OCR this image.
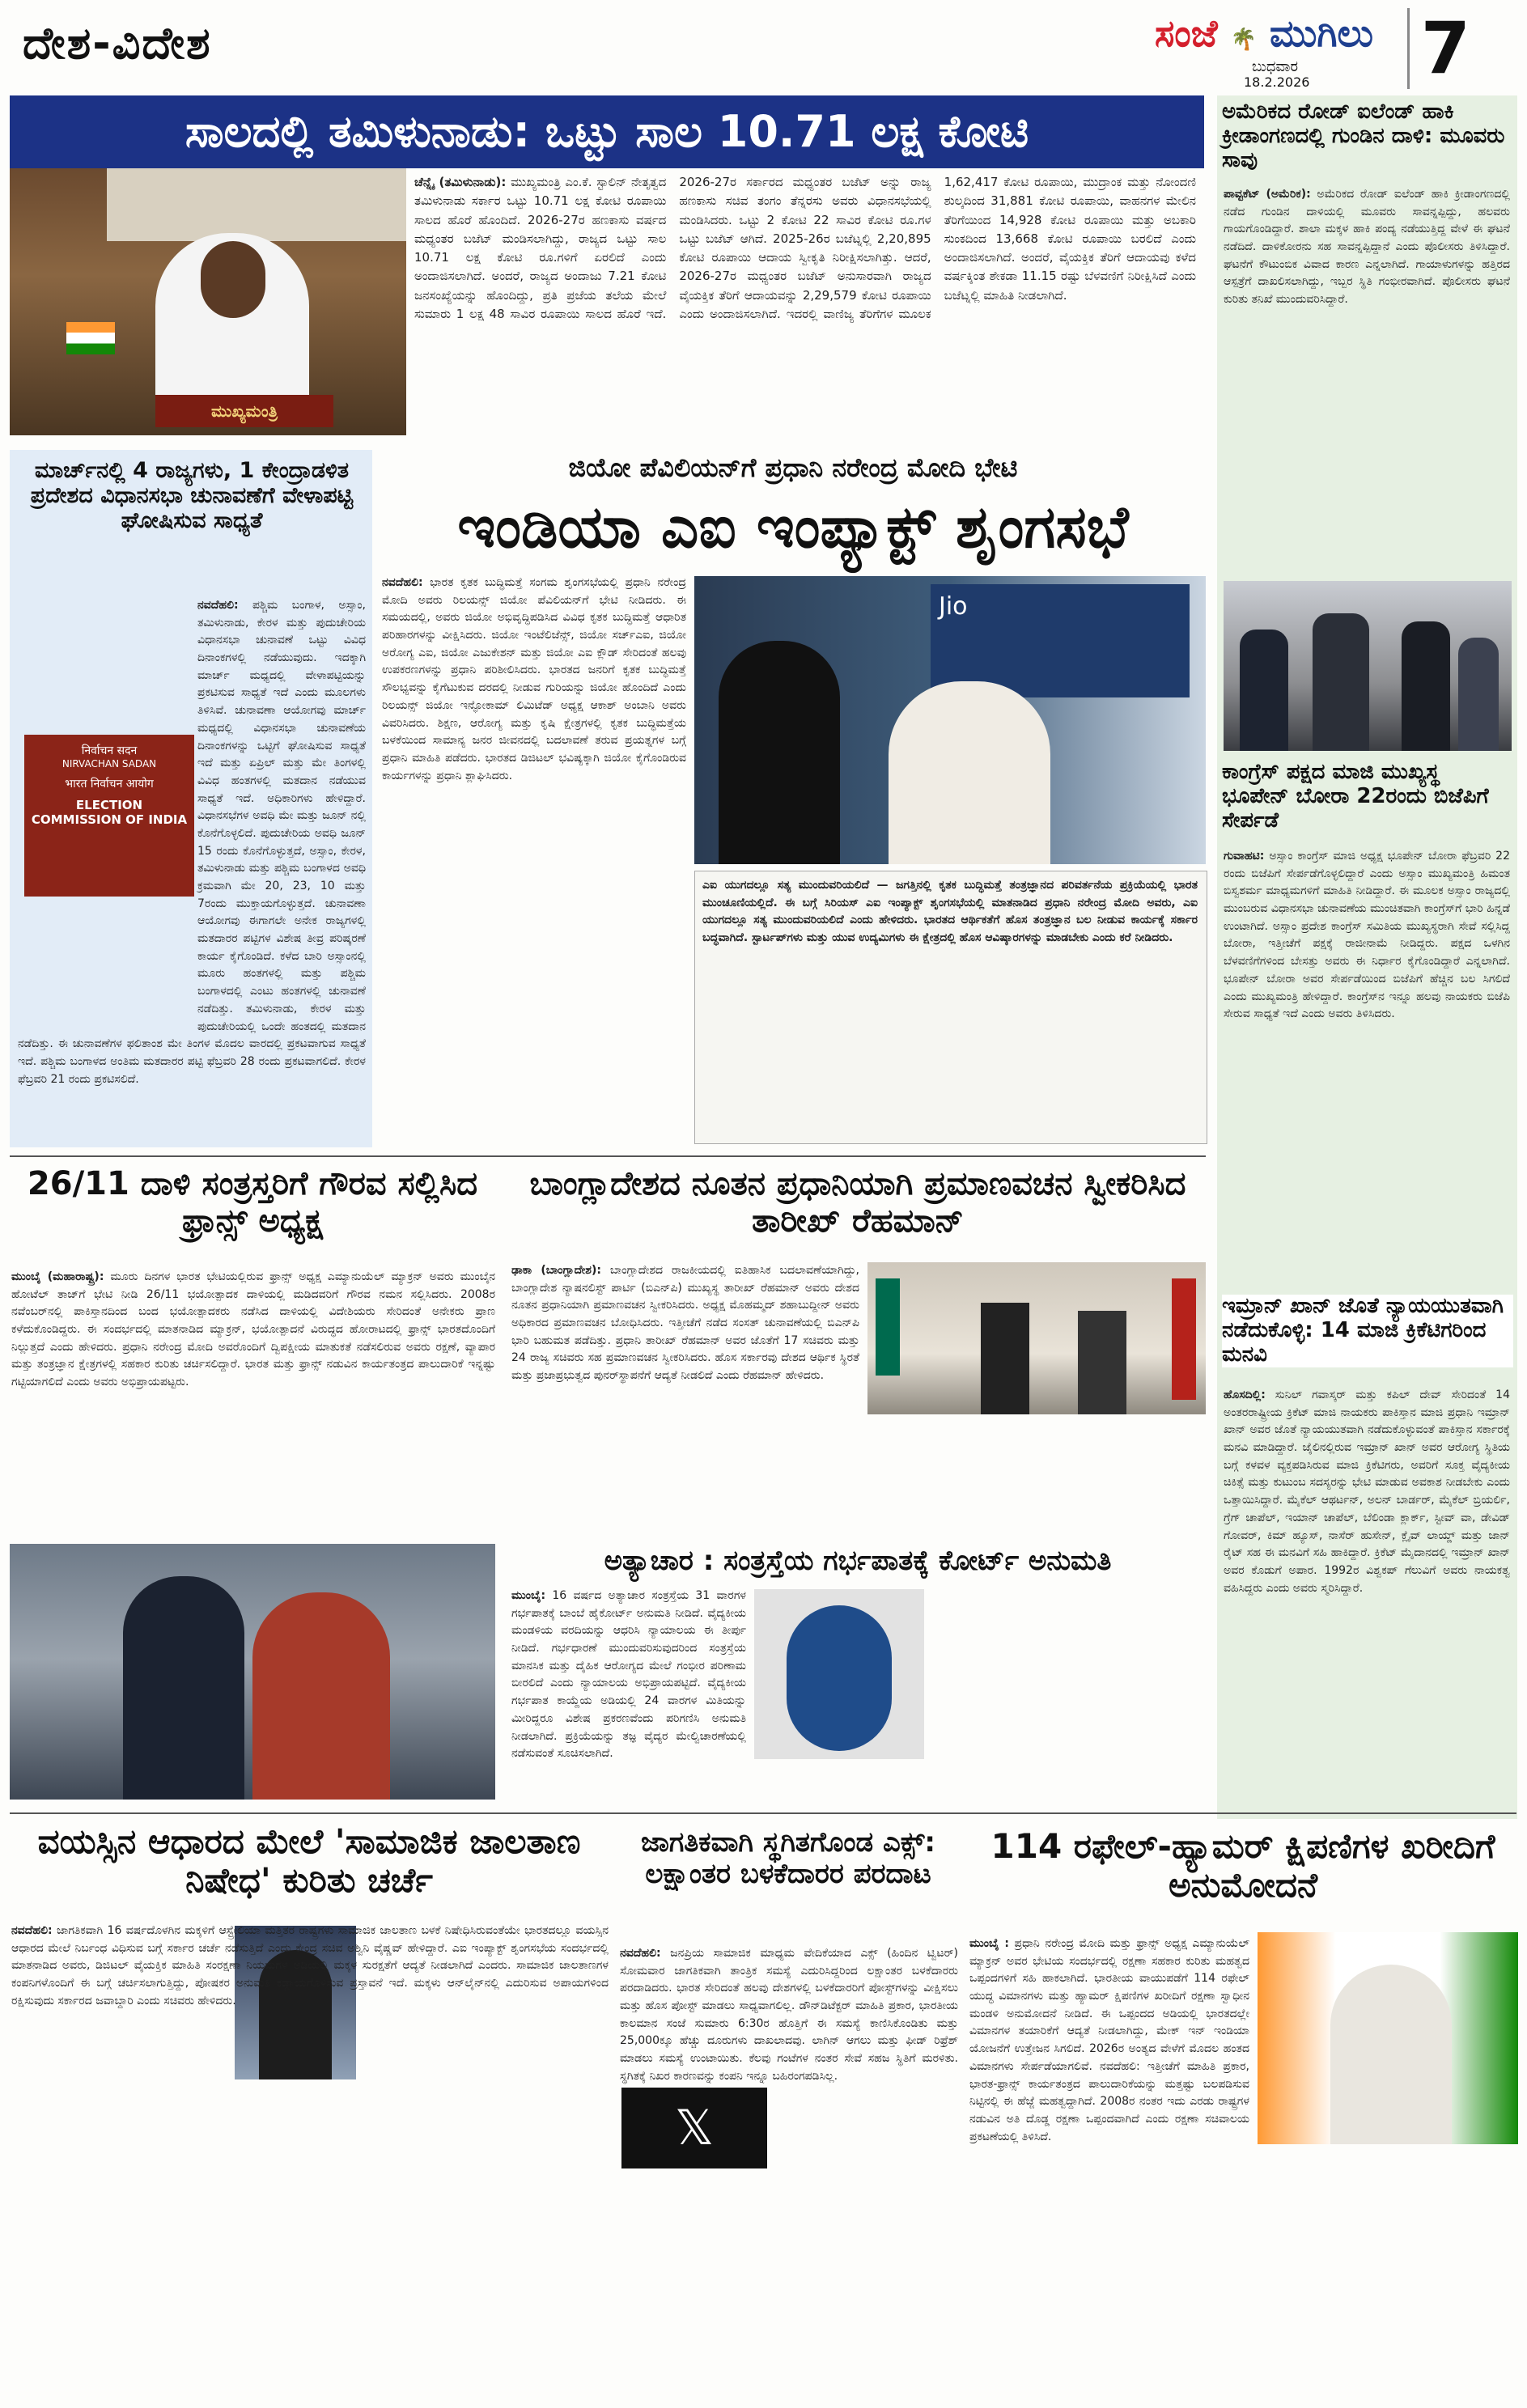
ದೇಶ-ವಿದೇಶ	ಸಂಜೆ 🌴 ಮುಗಿಲು
ಬುಧವಾರ
18.2.2026 7
ಸಾಲದಲ್ಲಿ ತಮಿಳುನಾಡು: ಒಟ್ಟು ಸಾಲ 10.71 ಲಕ್ಷ ಕೋಟಿ
ಮುಖ್ಯಮಂತ್ರಿ
ಚೆನ್ನೈ (ತಮಿಳುನಾಡು): ಮುಖ್ಯಮಂತ್ರಿ ಎಂ.ಕೆ. ಸ್ಟಾಲಿನ್ ನೇತೃತ್ವದ ತಮಿಳುನಾಡು ಸರ್ಕಾರ ಒಟ್ಟು 10.71 ಲಕ್ಷ ಕೋಟಿ ರೂಪಾಯಿ ಸಾಲದ ಹೊರೆ ಹೊಂದಿದೆ. 2026-27ರ ಹಣಕಾಸು ವರ್ಷದ ಮಧ್ಯಂತರ ಬಜೆಟ್ ಮಂಡಿಸಲಾಗಿದ್ದು, ರಾಜ್ಯದ ಒಟ್ಟು ಸಾಲ 10.71 ಲಕ್ಷ ಕೋಟಿ ರೂ.ಗಳಿಗೆ ಏರಲಿದೆ ಎಂದು ಅಂದಾಜಿಸಲಾಗಿದೆ. ಅಂದರೆ, ರಾಜ್ಯದ ಅಂದಾಜು 7.21 ಕೋಟಿ ಜನಸಂಖ್ಯೆಯನ್ನು ಹೊಂದಿದ್ದು, ಪ್ರತಿ ಪ್ರಜೆಯ ತಲೆಯ ಮೇಲೆ ಸುಮಾರು 1 ಲಕ್ಷ 48 ಸಾವಿರ ರೂಪಾಯಿ ಸಾಲದ ಹೊರೆ ಇದೆ. 2026-27ರ ಸರ್ಕಾರದ ಮಧ್ಯಂತರ ಬಜೆಟ್ ಅನ್ನು ರಾಜ್ಯ ಹಣಕಾಸು ಸಚಿವ ತಂಗಂ ತೆನ್ನರಸು ಅವರು ವಿಧಾನಸಭೆಯಲ್ಲಿ ಮಂಡಿಸಿದರು. ಒಟ್ಟು 2 ಕೋಟಿ 22 ಸಾವಿರ ಕೋಟಿ ರೂ.ಗಳ ಒಟ್ಟು ಬಜೆಟ್ ಆಗಿದೆ. 2025-26ರ ಬಜೆಟ್ನಲ್ಲಿ 2,20,895 ಕೋಟಿ ರೂಪಾಯಿ ಆದಾಯ ಸ್ವೀಕೃತಿ ನಿರೀಕ್ಷಿಸಲಾಗಿತ್ತು. ಆದರೆ, 2026-27ರ ಮಧ್ಯಂತರ ಬಜೆಟ್ ಅನುಸಾರವಾಗಿ ರಾಜ್ಯದ ವೈಯಕ್ತಿಕ ತೆರಿಗೆ ಆದಾಯವನ್ನು 2,29,579 ಕೋಟಿ ರೂಪಾಯಿ ಎಂದು ಅಂದಾಜಿಸಲಾಗಿದೆ. ಇದರಲ್ಲಿ ವಾಣಿಜ್ಯ ತೆರಿಗೆಗಳ ಮೂಲಕ 1,62,417 ಕೋಟಿ ರೂಪಾಯಿ, ಮುದ್ರಾಂಕ ಮತ್ತು ನೋಂದಣಿ ಶುಲ್ಕದಿಂದ 31,881 ಕೋಟಿ ರೂಪಾಯಿ, ವಾಹನಗಳ ಮೇಲಿನ ತೆರಿಗೆಯಿಂದ 14,928 ಕೋಟಿ ರೂಪಾಯಿ ಮತ್ತು ಅಬಕಾರಿ ಸುಂಕದಿಂದ 13,668 ಕೋಟಿ ರೂಪಾಯಿ ಬರಲಿದೆ ಎಂದು ಅಂದಾಜಿಸಲಾಗಿದೆ. ಅಂದರೆ, ವೈಯಕ್ತಿಕ ತೆರಿಗೆ ಆದಾಯವು ಕಳೆದ ವರ್ಷಕ್ಕಿಂತ ಶೇಕಡಾ 11.15 ರಷ್ಟು ಬೆಳವಣಿಗೆ ನಿರೀಕ್ಷಿಸಿದೆ ಎಂದು ಬಜೆಟ್ನಲ್ಲಿ ಮಾಹಿತಿ ನೀಡಲಾಗಿದೆ.
ಅಮೆರಿಕದ ರೋಡ್ ಐಲೆಂಡ್ ಹಾಕಿ ಕ್ರೀಡಾಂಗಣದಲ್ಲಿ ಗುಂಡಿನ ದಾಳಿ: ಮೂವರು ಸಾವು
ಪಾವ್ಟಕೆಟ್ (ಅಮೆರಿಕ): ಅಮೆರಿಕದ ರೋಡ್ ಐಲೆಂಡ್ ಹಾಕಿ ಕ್ರೀಡಾಂಗಣದಲ್ಲಿ ನಡೆದ ಗುಂಡಿನ ದಾಳಿಯಲ್ಲಿ ಮೂವರು ಸಾವನ್ನಪ್ಪಿದ್ದು, ಹಲವರು ಗಾಯಗೊಂಡಿದ್ದಾರೆ. ಶಾಲಾ ಮಕ್ಕಳ ಹಾಕಿ ಪಂದ್ಯ ನಡೆಯುತ್ತಿದ್ದ ವೇಳೆ ಈ ಘಟನೆ ನಡೆದಿದೆ. ದಾಳಿಕೋರನು ಸಹ ಸಾವನ್ನಪ್ಪಿದ್ದಾನೆ ಎಂದು ಪೊಲೀಸರು ತಿಳಿಸಿದ್ದಾರೆ. ಘಟನೆಗೆ ಕೌಟುಂಬಿಕ ವಿವಾದ ಕಾರಣ ಎನ್ನಲಾಗಿದೆ. ಗಾಯಾಳುಗಳನ್ನು ಹತ್ತಿರದ ಆಸ್ಪತ್ರೆಗೆ ದಾಖಲಿಸಲಾಗಿದ್ದು, ಇಬ್ಬರ ಸ್ಥಿತಿ ಗಂಭೀರವಾಗಿದೆ. ಪೊಲೀಸರು ಘಟನೆ ಕುರಿತು ತನಿಖೆ ಮುಂದುವರಿಸಿದ್ದಾರೆ.
ಕಾಂಗ್ರೆಸ್ ಪಕ್ಷದ ಮಾಜಿ ಮುಖ್ಯಸ್ಥ ಭೂಪೇನ್ ಬೋರಾ 22ರಂದು ಬಿಜೆಪಿಗೆ ಸೇರ್ಪಡೆ
ಗುವಾಹಟಿ: ಅಸ್ಸಾಂ ಕಾಂಗ್ರೆಸ್ ಮಾಜಿ ಅಧ್ಯಕ್ಷ ಭೂಪೇನ್ ಬೋರಾ ಫೆಬ್ರವರಿ 22 ರಂದು ಬಿಜೆಪಿಗೆ ಸೇರ್ಪಡೆಗೊಳ್ಳಲಿದ್ದಾರೆ ಎಂದು ಅಸ್ಸಾಂ ಮುಖ್ಯಮಂತ್ರಿ ಹಿಮಂತ ಬಿಸ್ವಶರ್ಮ ಮಾಧ್ಯಮಗಳಿಗೆ ಮಾಹಿತಿ ನೀಡಿದ್ದಾರೆ. ಈ ಮೂಲಕ ಅಸ್ಸಾಂ ರಾಜ್ಯದಲ್ಲಿ ಮುಂಬರುವ ವಿಧಾನಸಭಾ ಚುನಾವಣೆಯ ಮುಂಚಿತವಾಗಿ ಕಾಂಗ್ರೆಸ್‌ಗೆ ಭಾರಿ ಹಿನ್ನಡೆ ಉಂಟಾಗಿದೆ. ಅಸ್ಸಾಂ ಪ್ರದೇಶ ಕಾಂಗ್ರೆಸ್ ಸಮಿತಿಯ ಮುಖ್ಯಸ್ಥರಾಗಿ ಸೇವೆ ಸಲ್ಲಿಸಿದ್ದ ಬೋರಾ, ಇತ್ತೀಚೆಗೆ ಪಕ್ಷಕ್ಕೆ ರಾಜೀನಾಮೆ ನೀಡಿದ್ದರು. ಪಕ್ಷದ ಒಳಗಿನ ಬೆಳವಣಿಗೆಗಳಿಂದ ಬೇಸತ್ತು ಅವರು ಈ ನಿರ್ಧಾರ ಕೈಗೊಂಡಿದ್ದಾರೆ ಎನ್ನಲಾಗಿದೆ. ಭೂಪೇನ್ ಬೋರಾ ಅವರ ಸೇರ್ಪಡೆಯಿಂದ ಬಿಜೆಪಿಗೆ ಹೆಚ್ಚಿನ ಬಲ ಸಿಗಲಿದೆ ಎಂದು ಮುಖ್ಯಮಂತ್ರಿ ಹೇಳಿದ್ದಾರೆ. ಕಾಂಗ್ರೆಸ್‌ನ ಇನ್ನೂ ಹಲವು ನಾಯಕರು ಬಿಜೆಪಿ ಸೇರುವ ಸಾಧ್ಯತೆ ಇದೆ ಎಂದು ಅವರು ತಿಳಿಸಿದರು.
ಇಮ್ರಾನ್ ಖಾನ್ ಜೊತೆ ನ್ಯಾಯಯುತವಾಗಿ ನಡೆದುಕೊಳ್ಳಿ: 14 ಮಾಜಿ ಕ್ರಿಕೆಟಿಗರಿಂದ ಮನವಿ
ಹೊಸದಿಲ್ಲಿ: ಸುನಿಲ್ ಗವಾಸ್ಕರ್ ಮತ್ತು ಕಪಿಲ್ ದೇವ್ ಸೇರಿದಂತೆ 14 ಅಂತರರಾಷ್ಟ್ರೀಯ ಕ್ರಿಕೆಟ್ ಮಾಜಿ ನಾಯಕರು ಪಾಕಿಸ್ತಾನ ಮಾಜಿ ಪ್ರಧಾನಿ ಇಮ್ರಾನ್ ಖಾನ್ ಅವರ ಜೊತೆ ನ್ಯಾಯಯುತವಾಗಿ ನಡೆದುಕೊಳ್ಳುವಂತೆ ಪಾಕಿಸ್ತಾನ ಸರ್ಕಾರಕ್ಕೆ ಮನವಿ ಮಾಡಿದ್ದಾರೆ. ಜೈಲಿನಲ್ಲಿರುವ ಇಮ್ರಾನ್ ಖಾನ್ ಅವರ ಆರೋಗ್ಯ ಸ್ಥಿತಿಯ ಬಗ್ಗೆ ಕಳವಳ ವ್ಯಕ್ತಪಡಿಸಿರುವ ಮಾಜಿ ಕ್ರಿಕೆಟಿಗರು, ಅವರಿಗೆ ಸೂಕ್ತ ವೈದ್ಯಕೀಯ ಚಿಕಿತ್ಸೆ ಮತ್ತು ಕುಟುಂಬ ಸದಸ್ಯರನ್ನು ಭೇಟಿ ಮಾಡುವ ಅವಕಾಶ ನೀಡಬೇಕು ಎಂದು ಒತ್ತಾಯಿಸಿದ್ದಾರೆ. ಮೈಕೆಲ್ ಆಥರ್ಟನ್, ಅಲನ್ ಬಾರ್ಡರ್, ಮೈಕೆಲ್ ಬ್ರಿಯರ್ಲಿ, ಗ್ರೆಗ್ ಚಾಪೆಲ್, ಇಯಾನ್ ಚಾಪೆಲ್, ಬೆಲಿಂಡಾ ಕ್ಲಾರ್ಕ್, ಸ್ಟೀವ್ ವಾ, ಡೇವಿಡ್ ಗೋವರ್, ಕಿಮ್ ಹ್ಯೂಸ್, ನಾಸೆರ್ ಹುಸೇನ್, ಕ್ಲೈವ್ ಲಾಯ್ಡ್ ಮತ್ತು ಜಾನ್ ರೈಟ್ ಸಹ ಈ ಮನವಿಗೆ ಸಹಿ ಹಾಕಿದ್ದಾರೆ. ಕ್ರಿಕೆಟ್ ಮೈದಾನದಲ್ಲಿ ಇಮ್ರಾನ್ ಖಾನ್ ಅವರ ಕೊಡುಗೆ ಅಪಾರ. 1992ರ ವಿಶ್ವಕಪ್ ಗೆಲುವಿಗೆ ಅವರು ನಾಯಕತ್ವ ವಹಿಸಿದ್ದರು ಎಂದು ಅವರು ಸ್ಮರಿಸಿದ್ದಾರೆ.
ಮಾರ್ಚ್‌ನಲ್ಲಿ 4 ರಾಜ್ಯಗಳು, 1 ಕೇಂದ್ರಾಡಳಿತ ಪ್ರದೇಶದ ವಿಧಾನಸಭಾ ಚುನಾವಣೆಗೆ ವೇಳಾಪಟ್ಟಿ ಘೋಷಿಸುವ ಸಾಧ್ಯತೆ
निर्वाचन सदन
NIRVACHAN SADAN
भारत निर्वाचन आयोग
ELECTION COMMISSION OF INDIA
ನವದೆಹಲಿ: ಪಶ್ಚಿಮ ಬಂಗಾಳ, ಅಸ್ಸಾಂ, ತಮಿಳುನಾಡು, ಕೇರಳ ಮತ್ತು ಪುದುಚೇರಿಯ ವಿಧಾನಸಭಾ ಚುನಾವಣೆ ಒಟ್ಟು ವಿವಿಧ ದಿನಾಂಕಗಳಲ್ಲಿ ನಡೆಯುವುದು. ಇದಕ್ಕಾಗಿ ಮಾರ್ಚ್ ಮಧ್ಯದಲ್ಲಿ ವೇಳಾಪಟ್ಟಿಯನ್ನು ಪ್ರಕಟಿಸುವ ಸಾಧ್ಯತೆ ಇದೆ ಎಂದು ಮೂಲಗಳು ತಿಳಿಸಿವೆ. ಚುನಾವಣಾ ಆಯೋಗವು ಮಾರ್ಚ್ ಮಧ್ಯದಲ್ಲಿ ವಿಧಾನಸಭಾ ಚುನಾವಣೆಯ ದಿನಾಂಕಗಳನ್ನು ಒಟ್ಟಿಗೆ ಘೋಷಿಸುವ ಸಾಧ್ಯತೆ ಇದೆ ಮತ್ತು ಏಪ್ರಿಲ್ ಮತ್ತು ಮೇ ತಿಂಗಳಲ್ಲಿ ವಿವಿಧ ಹಂತಗಳಲ್ಲಿ ಮತದಾನ ನಡೆಯುವ ಸಾಧ್ಯತೆ ಇದೆ. ಅಧಿಕಾರಿಗಳು ಹೇಳಿದ್ದಾರೆ. ವಿಧಾನಸಭೆಗಳ ಅವಧಿ ಮೇ ಮತ್ತು ಜೂನ್ ನಲ್ಲಿ ಕೊನೆಗೊಳ್ಳಲಿದೆ. ಪುದುಚೇರಿಯ ಅವಧಿ ಜೂನ್ 15 ರಂದು ಕೊನೆಗೊಳ್ಳುತ್ತದೆ, ಅಸ್ಸಾಂ, ಕೇರಳ, ತಮಿಳುನಾಡು ಮತ್ತು ಪಶ್ಚಿಮ ಬಂಗಾಳದ ಅವಧಿ ಕ್ರಮವಾಗಿ ಮೇ 20, 23, 10 ಮತ್ತು 7ರಂದು ಮುಕ್ತಾಯಗೊಳ್ಳುತ್ತದೆ. ಚುನಾವಣಾ ಆಯೋಗವು ಈಗಾಗಲೇ ಅನೇಕ ರಾಜ್ಯಗಳಲ್ಲಿ ಮತದಾರರ ಪಟ್ಟಿಗಳ ವಿಶೇಷ ತೀವ್ರ ಪರಿಷ್ಕರಣೆ ಕಾರ್ಯ ಕೈಗೊಂಡಿದೆ. ಕಳೆದ ಬಾರಿ ಅಸ್ಸಾಂನಲ್ಲಿ ಮೂರು ಹಂತಗಳಲ್ಲಿ ಮತ್ತು ಪಶ್ಚಿಮ ಬಂಗಾಳದಲ್ಲಿ ಎಂಟು ಹಂತಗಳಲ್ಲಿ ಚುನಾವಣೆ ನಡೆದಿತ್ತು. ತಮಿಳುನಾಡು, ಕೇರಳ ಮತ್ತು ಪುದುಚೇರಿಯಲ್ಲಿ ಒಂದೇ ಹಂತದಲ್ಲಿ ಮತದಾನ ನಡೆದಿತ್ತು. ಈ ಚುನಾವಣೆಗಳ ಫಲಿತಾಂಶ ಮೇ ತಿಂಗಳ ಮೊದಲ ವಾರದಲ್ಲಿ ಪ್ರಕಟವಾಗುವ ಸಾಧ್ಯತೆ ಇದೆ. ಪಶ್ಚಿಮ ಬಂಗಾಳದ ಅಂತಿಮ ಮತದಾರರ ಪಟ್ಟಿ ಫೆಬ್ರವರಿ 28 ರಂದು ಪ್ರಕಟವಾಗಲಿದೆ. ಕೇರಳ ಫೆಬ್ರವರಿ 21 ರಂದು ಪ್ರಕಟಿಸಲಿದೆ.
ಜಿಯೋ ಪೆವಿಲಿಯನ್‌ಗೆ ಪ್ರಧಾನಿ ನರೇಂದ್ರ ಮೋದಿ ಭೇಟಿ
ಇಂಡಿಯಾ ಎಐ ಇಂಪ್ಯಾಕ್ಟ್ ಶೃಂಗಸಭೆ
ನವದೆಹಲಿ: ಭಾರತ ಕೃತಕ ಬುದ್ಧಿಮತ್ತೆ ಸಂಗಮ ಶೃಂಗಸಭೆಯಲ್ಲಿ ಪ್ರಧಾನಿ ನರೇಂದ್ರ ಮೋದಿ ಅವರು ರಿಲಯನ್ಸ್ ಜಿಯೋ ಪೆವಿಲಿಯನ್‌ಗೆ ಭೇಟಿ ನೀಡಿದರು. ಈ ಸಮಯದಲ್ಲಿ, ಅವರು ಜಿಯೋ ಅಭಿವೃದ್ಧಿಪಡಿಸಿದ ವಿವಿಧ ಕೃತಕ ಬುದ್ಧಿಮತ್ತೆ ಆಧಾರಿತ ಪರಿಹಾರಗಳನ್ನು ವೀಕ್ಷಿಸಿದರು. ಜಿಯೋ ಇಂಟೆಲಿಜೆನ್ಸ್, ಜಿಯೋ ಸರ್ಚ್ಎಐ, ಜಿಯೋ ಅರೋಗ್ಯ ಎಐ, ಜಿಯೋ ಎಜುಕೇಶನ್ ಮತ್ತು ಜಿಯೋ ಎಐ ಕ್ಲೌಡ್ ಸೇರಿದಂತೆ ಹಲವು ಉಪಕರಣಗಳನ್ನು ಪ್ರಧಾನಿ ಪರಿಶೀಲಿಸಿದರು. ಭಾರತದ ಜನರಿಗೆ ಕೃತಕ ಬುದ್ಧಿಮತ್ತೆ ಸೌಲಭ್ಯವನ್ನು ಕೈಗೆಟುಕುವ ದರದಲ್ಲಿ ನೀಡುವ ಗುರಿಯನ್ನು ಜಿಯೋ ಹೊಂದಿದೆ ಎಂದು ರಿಲಯನ್ಸ್ ಜಿಯೋ ಇನ್ಫೋಕಾಮ್ ಲಿಮಿಟೆಡ್ ಅಧ್ಯಕ್ಷ ಆಕಾಶ್ ಅಂಬಾನಿ ಅವರು ವಿವರಿಸಿದರು. ಶಿಕ್ಷಣ, ಆರೋಗ್ಯ ಮತ್ತು ಕೃಷಿ ಕ್ಷೇತ್ರಗಳಲ್ಲಿ ಕೃತಕ ಬುದ್ಧಿಮತ್ತೆಯ ಬಳಕೆಯಿಂದ ಸಾಮಾನ್ಯ ಜನರ ಜೀವನದಲ್ಲಿ ಬದಲಾವಣೆ ತರುವ ಪ್ರಯತ್ನಗಳ ಬಗ್ಗೆ ಪ್ರಧಾನಿ ಮಾಹಿತಿ ಪಡೆದರು. ಭಾರತದ ಡಿಜಿಟಲ್ ಭವಿಷ್ಯಕ್ಕಾಗಿ ಜಿಯೋ ಕೈಗೊಂಡಿರುವ ಕಾರ್ಯಗಳನ್ನು ಪ್ರಧಾನಿ ಶ್ಲಾಘಿಸಿದರು.
Jio
ಎಐ ಯುಗದಲ್ಲೂ ಸತ್ಯ ಮುಂದುವರಿಯಲಿದೆ — ಜಗತ್ತಿನಲ್ಲಿ ಕೃತಕ ಬುದ್ಧಿಮತ್ತೆ ತಂತ್ರಜ್ಞಾನದ ಪರಿವರ್ತನೆಯ ಪ್ರಕ್ರಿಯೆಯಲ್ಲಿ ಭಾರತ ಮುಂಚೂಣಿಯಲ್ಲಿದೆ. ಈ ಬಗ್ಗೆ ಸಿರಿಯಸ್ ಎಐ ಇಂಪ್ಯಾಕ್ಟ್ ಶೃಂಗಸಭೆಯಲ್ಲಿ ಮಾತನಾಡಿದ ಪ್ರಧಾನಿ ನರೇಂದ್ರ ಮೋದಿ ಅವರು, ಎಐ ಯುಗದಲ್ಲೂ ಸತ್ಯ ಮುಂದುವರಿಯಲಿದೆ ಎಂದು ಹೇಳಿದರು. ಭಾರತದ ಆರ್ಥಿಕತೆಗೆ ಹೊಸ ತಂತ್ರಜ್ಞಾನ ಬಲ ನೀಡುವ ಕಾರ್ಯಕ್ಕೆ ಸರ್ಕಾರ ಬದ್ಧವಾಗಿದೆ. ಸ್ಟಾರ್ಟಪ್‌ಗಳು ಮತ್ತು ಯುವ ಉದ್ಯಮಿಗಳು ಈ ಕ್ಷೇತ್ರದಲ್ಲಿ ಹೊಸ ಆವಿಷ್ಕಾರಗಳನ್ನು ಮಾಡಬೇಕು ಎಂದು ಕರೆ ನೀಡಿದರು.
26/11 ದಾಳಿ ಸಂತ್ರಸ್ತರಿಗೆ ಗೌರವ ಸಲ್ಲಿಸಿದ ಫ್ರಾನ್ಸ್ ಅಧ್ಯಕ್ಷ
ಮುಂಬೈ (ಮಹಾರಾಷ್ಟ್ರ): ಮೂರು ದಿನಗಳ ಭಾರತ ಭೇಟಿಯಲ್ಲಿರುವ ಫ್ರಾನ್ಸ್ ಅಧ್ಯಕ್ಷ ಎಮ್ಯಾನುಯೆಲ್ ಮ್ಯಾಕ್ರನ್ ಅವರು ಮುಂಬೈನ ಹೋಟೆಲ್ ತಾಜ್‌ಗೆ ಭೇಟಿ ನೀಡಿ 26/11 ಭಯೋತ್ಪಾದಕ ದಾಳಿಯಲ್ಲಿ ಮಡಿದವರಿಗೆ ಗೌರವ ನಮನ ಸಲ್ಲಿಸಿದರು. 2008ರ ನವೆಂಬರ್‌ನಲ್ಲಿ ಪಾಕಿಸ್ತಾನದಿಂದ ಬಂದ ಭಯೋತ್ಪಾದಕರು ನಡೆಸಿದ ದಾಳಿಯಲ್ಲಿ ವಿದೇಶಿಯರು ಸೇರಿದಂತೆ ಅನೇಕರು ಪ್ರಾಣ ಕಳೆದುಕೊಂಡಿದ್ದರು. ಈ ಸಂದರ್ಭದಲ್ಲಿ ಮಾತನಾಡಿದ ಮ್ಯಾಕ್ರನ್, ಭಯೋತ್ಪಾದನೆ ವಿರುದ್ಧದ ಹೋರಾಟದಲ್ಲಿ ಫ್ರಾನ್ಸ್ ಭಾರತದೊಂದಿಗೆ ನಿಲ್ಲುತ್ತದೆ ಎಂದು ಹೇಳಿದರು. ಪ್ರಧಾನಿ ನರೇಂದ್ರ ಮೋದಿ ಅವರೊಂದಿಗೆ ದ್ವಿಪಕ್ಷೀಯ ಮಾತುಕತೆ ನಡೆಸಲಿರುವ ಅವರು ರಕ್ಷಣೆ, ವ್ಯಾಪಾರ ಮತ್ತು ತಂತ್ರಜ್ಞಾನ ಕ್ಷೇತ್ರಗಳಲ್ಲಿ ಸಹಕಾರ ಕುರಿತು ಚರ್ಚಿಸಲಿದ್ದಾರೆ. ಭಾರತ ಮತ್ತು ಫ್ರಾನ್ಸ್ ನಡುವಿನ ಕಾರ್ಯತಂತ್ರದ ಪಾಲುದಾರಿಕೆ ಇನ್ನಷ್ಟು ಗಟ್ಟಿಯಾಗಲಿದೆ ಎಂದು ಅವರು ಅಭಿಪ್ರಾಯಪಟ್ಟರು.
ಬಾಂಗ್ಲಾದೇಶದ ನೂತನ ಪ್ರಧಾನಿಯಾಗಿ ಪ್ರಮಾಣವಚನ ಸ್ವೀಕರಿಸಿದ ತಾರೀಖ್ ರೆಹಮಾನ್
ಢಾಕಾ (ಬಾಂಗ್ಲಾದೇಶ): ಬಾಂಗ್ಲಾದೇಶದ ರಾಜಕೀಯದಲ್ಲಿ ಐತಿಹಾಸಿಕ ಬದಲಾವಣೆಯಾಗಿದ್ದು, ಬಾಂಗ್ಲಾದೇಶ ನ್ಯಾಷನಲಿಸ್ಟ್ ಪಾರ್ಟಿ (ಬಿಎನ್‌ಪಿ) ಮುಖ್ಯಸ್ಥ ತಾರೀಖ್ ರೆಹಮಾನ್ ಅವರು ದೇಶದ ನೂತನ ಪ್ರಧಾನಿಯಾಗಿ ಪ್ರಮಾಣವಚನ ಸ್ವೀಕರಿಸಿದರು. ಅಧ್ಯಕ್ಷ ಮೊಹಮ್ಮದ್ ಶಹಾಬುದ್ದೀನ್ ಅವರು ಅಧಿಕಾರದ ಪ್ರಮಾಣವಚನ ಬೋಧಿಸಿದರು. ಇತ್ತೀಚೆಗೆ ನಡೆದ ಸಂಸತ್ ಚುನಾವಣೆಯಲ್ಲಿ ಬಿಎನ್‌ಪಿ ಭಾರಿ ಬಹುಮತ ಪಡೆದಿತ್ತು. ಪ್ರಧಾನಿ ತಾರೀಖ್ ರೆಹಮಾನ್ ಅವರ ಜೊತೆಗೆ 17 ಸಚಿವರು ಮತ್ತು 24 ರಾಜ್ಯ ಸಚಿವರು ಸಹ ಪ್ರಮಾಣವಚನ ಸ್ವೀಕರಿಸಿದರು. ಹೊಸ ಸರ್ಕಾರವು ದೇಶದ ಆರ್ಥಿಕ ಸ್ಥಿರತೆ ಮತ್ತು ಪ್ರಜಾಪ್ರಭುತ್ವದ ಪುನರ್‌ಸ್ಥಾಪನೆಗೆ ಆದ್ಯತೆ ನೀಡಲಿದೆ ಎಂದು ರೆಹಮಾನ್ ಹೇಳಿದರು.
ಅತ್ಯಾಚಾರ : ಸಂತ್ರಸ್ತೆಯ ಗರ್ಭಪಾತಕ್ಕೆ ಕೋರ್ಟ್ ಅನುಮತಿ
ಮುಂಬೈ: 16 ವರ್ಷದ ಅತ್ಯಾಚಾರ ಸಂತ್ರಸ್ತೆಯ 31 ವಾರಗಳ ಗರ್ಭಪಾತಕ್ಕೆ ಬಾಂಬೆ ಹೈಕೋರ್ಟ್ ಅನುಮತಿ ನೀಡಿದೆ. ವೈದ್ಯಕೀಯ ಮಂಡಳಿಯ ವರದಿಯನ್ನು ಆಧರಿಸಿ ನ್ಯಾಯಾಲಯ ಈ ತೀರ್ಪು ನೀಡಿದೆ. ಗರ್ಭಧಾರಣೆ ಮುಂದುವರಿಸುವುದರಿಂದ ಸಂತ್ರಸ್ತೆಯ ಮಾನಸಿಕ ಮತ್ತು ದೈಹಿಕ ಆರೋಗ್ಯದ ಮೇಲೆ ಗಂಭೀರ ಪರಿಣಾಮ ಬೀರಲಿದೆ ಎಂದು ನ್ಯಾಯಾಲಯ ಅಭಿಪ್ರಾಯಪಟ್ಟಿದೆ. ವೈದ್ಯಕೀಯ ಗರ್ಭಪಾತ ಕಾಯ್ದೆಯ ಅಡಿಯಲ್ಲಿ 24 ವಾರಗಳ ಮಿತಿಯನ್ನು ಮೀರಿದ್ದರೂ ವಿಶೇಷ ಪ್ರಕರಣವೆಂದು ಪರಿಗಣಿಸಿ ಅನುಮತಿ ನೀಡಲಾಗಿದೆ. ಪ್ರಕ್ರಿಯೆಯನ್ನು ತಜ್ಞ ವೈದ್ಯರ ಮೇಲ್ವಿಚಾರಣೆಯಲ್ಲಿ ನಡೆಸುವಂತೆ ಸೂಚಿಸಲಾಗಿದೆ.
ವಯಸ್ಸಿನ ಆಧಾರದ ಮೇಲೆ 'ಸಾಮಾಜಿಕ ಜಾಲತಾಣ ನಿಷೇಧ' ಕುರಿತು ಚರ್ಚೆ
ನವದೆಹಲಿ: ಜಾಗತಿಕವಾಗಿ 16 ವರ್ಷದೊಳಗಿನ ಮಕ್ಕಳಿಗೆ ಆಸ್ಟ್ರೇಲಿಯಾ ಮತ್ತಿತರ ರಾಷ್ಟ್ರಗಳು ಸಾಮಾಜಿಕ ಜಾಲತಾಣ ಬಳಕೆ ನಿಷೇಧಿಸಿರುವಂತೆಯೇ ಭಾರತದಲ್ಲೂ ವಯಸ್ಸಿನ ಆಧಾರದ ಮೇಲೆ ನಿರ್ಬಂಧ ವಿಧಿಸುವ ಬಗ್ಗೆ ಸರ್ಕಾರ ಚರ್ಚೆ ನಡೆಸುತ್ತಿದೆ ಎಂದು ಕೇಂದ್ರ ಸಚಿವ ಅಶ್ವಿನಿ ವೈಷ್ಣವ್ ಹೇಳಿದ್ದಾರೆ. ಎಐ ಇಂಪ್ಯಾಕ್ಟ್ ಶೃಂಗಸಭೆಯ ಸಂದರ್ಭದಲ್ಲಿ ಮಾತನಾಡಿದ ಅವರು, ಡಿಜಿಟಲ್ ವೈಯಕ್ತಿಕ ಮಾಹಿತಿ ಸಂರಕ್ಷಣಾ ನಿಯಮಗಳ ಅಡಿಯಲ್ಲಿ ಮಕ್ಕಳ ಸುರಕ್ಷತೆಗೆ ಆದ್ಯತೆ ನೀಡಲಾಗಿದೆ ಎಂದರು. ಸಾಮಾಜಿಕ ಜಾಲತಾಣಗಳ ಕಂಪನಿಗಳೊಂದಿಗೆ ಈ ಬಗ್ಗೆ ಚರ್ಚಿಸಲಾಗುತ್ತಿದ್ದು, ಪೋಷಕರ ಅನುಮತಿ ಕಡ್ಡಾಯಗೊಳಿಸುವ ಪ್ರಸ್ತಾವನೆ ಇದೆ. ಮಕ್ಕಳು ಆನ್‌ಲೈನ್‌ನಲ್ಲಿ ಎದುರಿಸುವ ಅಪಾಯಗಳಿಂದ ರಕ್ಷಿಸುವುದು ಸರ್ಕಾರದ ಜವಾಬ್ದಾರಿ ಎಂದು ಸಚಿವರು ಹೇಳಿದರು.
ಜಾಗತಿಕವಾಗಿ ಸ್ಥಗಿತಗೊಂಡ ಎಕ್ಸ್: ಲಕ್ಷಾಂತರ ಬಳಕೆದಾರರ ಪರದಾಟ
𝕏
ನವದೆಹಲಿ: ಜನಪ್ರಿಯ ಸಾಮಾಜಿಕ ಮಾಧ್ಯಮ ವೇದಿಕೆಯಾದ ಎಕ್ಸ್ (ಹಿಂದಿನ ಟ್ವಿಟರ್) ಸೋಮವಾರ ಜಾಗತಿಕವಾಗಿ ತಾಂತ್ರಿಕ ಸಮಸ್ಯೆ ಎದುರಿಸಿದ್ದರಿಂದ ಲಕ್ಷಾಂತರ ಬಳಕೆದಾರರು ಪರದಾಡಿದರು. ಭಾರತ ಸೇರಿದಂತೆ ಹಲವು ದೇಶಗಳಲ್ಲಿ ಬಳಕೆದಾರರಿಗೆ ಪೋಸ್ಟ್‌ಗಳನ್ನು ವೀಕ್ಷಿಸಲು ಮತ್ತು ಹೊಸ ಪೋಸ್ಟ್ ಮಾಡಲು ಸಾಧ್ಯವಾಗಲಿಲ್ಲ. ಡೌನ್‌ಡಿಟೆಕ್ಟರ್ ಮಾಹಿತಿ ಪ್ರಕಾರ, ಭಾರತೀಯ ಕಾಲಮಾನ ಸಂಜೆ ಸುಮಾರು 6:30ರ ಹೊತ್ತಿಗೆ ಈ ಸಮಸ್ಯೆ ಕಾಣಿಸಿಕೊಂಡಿತು ಮತ್ತು 25,000ಕ್ಕೂ ಹೆಚ್ಚು ದೂರುಗಳು ದಾಖಲಾದವು. ಲಾಗಿನ್ ಆಗಲು ಮತ್ತು ಫೀಡ್ ರಿಫ್ರೆಶ್ ಮಾಡಲು ಸಮಸ್ಯೆ ಉಂಟಾಯಿತು. ಕೆಲವು ಗಂಟೆಗಳ ನಂತರ ಸೇವೆ ಸಹಜ ಸ್ಥಿತಿಗೆ ಮರಳಿತು. ಸ್ಥಗಿತಕ್ಕೆ ನಿಖರ ಕಾರಣವನ್ನು ಕಂಪನಿ ಇನ್ನೂ ಬಹಿರಂಗಪಡಿಸಿಲ್ಲ.
114 ರಫೇಲ್-ಹ್ಯಾಮರ್ ಕ್ಷಿಪಣಿಗಳ ಖರೀದಿಗೆ ಅನುಮೋದನೆ
ಮುಂಬೈ : ಪ್ರಧಾನಿ ನರೇಂದ್ರ ಮೋದಿ ಮತ್ತು ಫ್ರಾನ್ಸ್ ಅಧ್ಯಕ್ಷ ಎಮ್ಯಾನುಯೆಲ್ ಮ್ಯಾಕ್ರನ್ ಅವರ ಭೇಟಿಯ ಸಂದರ್ಭದಲ್ಲಿ ರಕ್ಷಣಾ ಸಹಕಾರ ಕುರಿತು ಮಹತ್ವದ ಒಪ್ಪಂದಗಳಿಗೆ ಸಹಿ ಹಾಕಲಾಗಿದೆ. ಭಾರತೀಯ ವಾಯುಪಡೆಗೆ 114 ರಫೇಲ್ ಯುದ್ಧ ವಿಮಾನಗಳು ಮತ್ತು ಹ್ಯಾಮರ್ ಕ್ಷಿಪಣಿಗಳ ಖರೀದಿಗೆ ರಕ್ಷಣಾ ಸ್ವಾಧೀನ ಮಂಡಳಿ ಅನುಮೋದನೆ ನೀಡಿದೆ. ಈ ಒಪ್ಪಂದದ ಅಡಿಯಲ್ಲಿ ಭಾರತದಲ್ಲೇ ವಿಮಾನಗಳ ತಯಾರಿಕೆಗೆ ಆದ್ಯತೆ ನೀಡಲಾಗಿದ್ದು, ಮೇಕ್ ಇನ್ ಇಂಡಿಯಾ ಯೋಜನೆಗೆ ಉತ್ತೇಜನ ಸಿಗಲಿದೆ. 2026ರ ಅಂತ್ಯದ ವೇಳೆಗೆ ಮೊದಲ ಹಂತದ ವಿಮಾನಗಳು ಸೇರ್ಪಡೆಯಾಗಲಿವೆ. ನವದೆಹಲಿ: ಇತ್ತೀಚೆಗೆ ಮಾಹಿತಿ ಪ್ರಕಾರ, ಭಾರತ-ಫ್ರಾನ್ಸ್ ಕಾರ್ಯತಂತ್ರದ ಪಾಲುದಾರಿಕೆಯನ್ನು ಮತ್ತಷ್ಟು ಬಲಪಡಿಸುವ ನಿಟ್ಟಿನಲ್ಲಿ ಈ ಹೆಜ್ಜೆ ಮಹತ್ವದ್ದಾಗಿದೆ. 2008ರ ನಂತರ ಇದು ಎರಡು ರಾಷ್ಟ್ರಗಳ ನಡುವಿನ ಅತಿ ದೊಡ್ಡ ರಕ್ಷಣಾ ಒಪ್ಪಂದವಾಗಿದೆ ಎಂದು ರಕ್ಷಣಾ ಸಚಿವಾಲಯ ಪ್ರಕಟಣೆಯಲ್ಲಿ ತಿಳಿಸಿದೆ.
